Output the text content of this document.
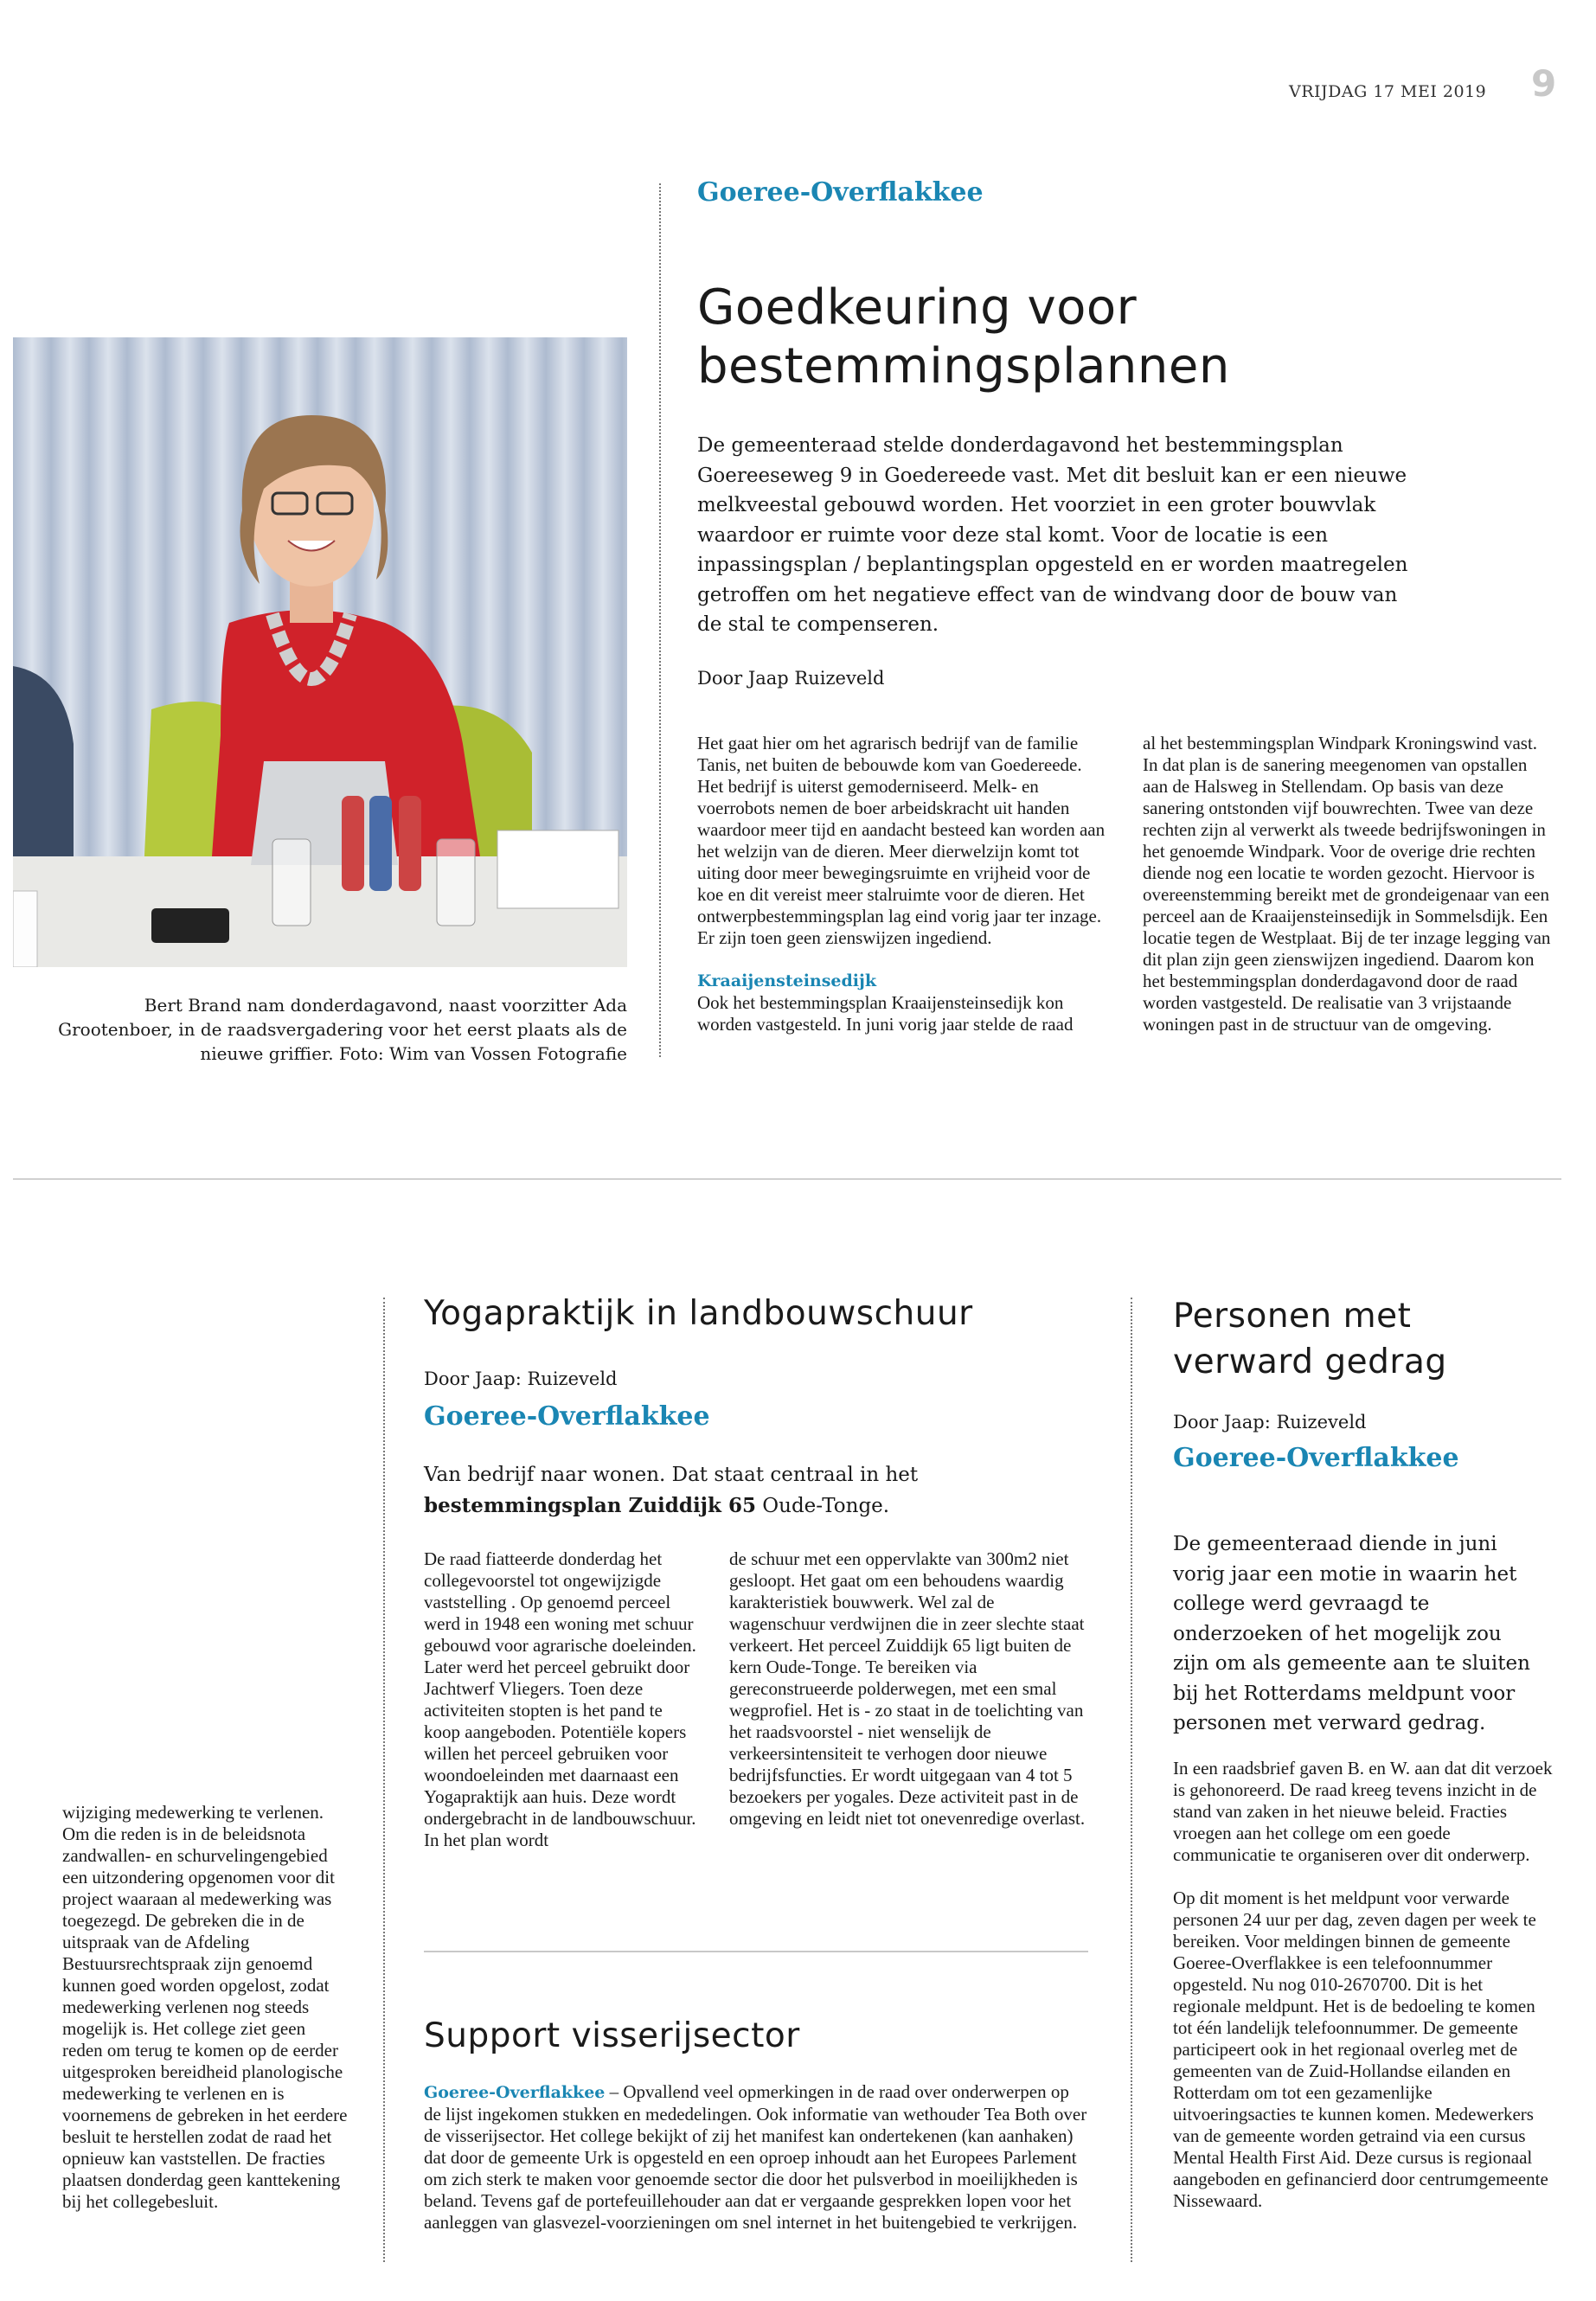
VRIJDAG 17 MEI 2019 9
Goeree-Overflakkee
Goedkeuring voor
bestemmingsplannen

De gemeenteraad stelde donderdagavond het bestemmingsplan Goereeseweg 9 in Goedereede vast. Met dit besluit kan er een nieuwe melkveestal gebouwd worden. Het voorziet in een groter bouwvlak waardoor er ruimte voor deze stal komt. Voor de locatie is een inpassingsplan / beplantingsplan opgesteld en er worden maatregelen getroffen om het negatieve effect van de windvang door de bouw van de stal te compenseren.

Door Jaap Ruizeveld

Bert Brand nam donderdagavond, naast voorzitter Ada Grootenboer, in de raadsvergadering voor het eerst plaats als de nieuwe griffier. Foto: Wim van Vossen Fotografie

Het gaat hier om het agrarisch bedrijf van de familie Tanis, net buiten de bebouwde kom van Goedereede. Het bedrijf is uiterst gemoderniseerd. Melk- en voerrobots nemen de boer arbeidskracht uit handen waardoor meer tijd en aandacht besteed kan worden aan het welzijn van de dieren. Meer dierwelzijn komt tot uiting door meer bewegingsruimte en vrijheid voor de koe en dit vereist meer stalruimte voor de dieren. Het ontwerpbestemmingsplan lag eind vorig jaar ter inzage. Er zijn toen geen zienswijzen ingediend.

Kraaijensteinsedijk

Ook het bestemmingsplan Kraaijensteinsedijk kon worden vastgesteld. In juni vorig jaar stelde de raad

al het bestemmingsplan Windpark Kroningswind vast. In dat plan is de sanering meegenomen van opstallen aan de Halsweg in Stellendam. Op basis van deze sanering ontstonden vijf bouwrechten. Twee van deze rechten zijn al verwerkt als tweede bedrijfswoningen in het genoemde Windpark. Voor de overige drie rechten diende nog een locatie te worden gezocht. Hiervoor is overeenstemming bereikt met de grondeigenaar van een perceel aan de Kraaijensteinsedijk in Sommelsdijk. Een locatie tegen de Westplaat. Bij de ter inzage legging van dit plan zijn geen zienswijzen ingediend. Daarom kon het bestemmingsplan donderdagavond door de raad worden vastgesteld. De realisatie van 3 vrijstaande woningen past in de structuur van de omgeving.

wijziging medewerking te verlenen. Om die reden is in de beleidsnota zandwallen- en schurvelingengebied een uitzondering opgenomen voor dit project waaraan al medewerking was toegezegd. De gebreken die in de uitspraak van de Afdeling Bestuursrechtspraak zijn genoemd kunnen goed worden opgelost, zodat medewerking verlenen nog steeds mogelijk is. Het college ziet geen reden om terug te komen op de eerder uitgesproken bereidheid planologische medewerking te verlenen en is voornemens de gebreken in het eerdere besluit te herstellen zodat de raad het opnieuw kan vaststellen. De fracties plaatsen donderdag geen kanttekening bij het collegebesluit.

Yogapraktijk in landbouwschuur
Door Jaap: Ruizeveld
Goeree-Overflakkee

Van bedrijf naar wonen. Dat staat centraal in het
bestemmingsplan Zuiddijk 65 Oude-Tonge.

De raad fiatteerde donderdag het collegevoorstel tot ongewijzigde vaststelling . Op genoemd perceel werd in 1948 een woning met schuur gebouwd voor agrarische doeleinden. Later werd het perceel gebruikt door Jachtwerf Vliegers. Toen deze activiteiten stopten is het pand te koop aangeboden. Potentiële kopers willen het perceel gebruiken voor woondoeleinden met daarnaast een Yogapraktijk aan huis. Deze wordt ondergebracht in de landbouwschuur. In het plan wordt

de schuur met een oppervlakte van 300m2 niet gesloopt. Het gaat om een behoudens waardig karakteristiek bouwwerk. Wel zal de wagenschuur verdwijnen die in zeer slechte staat verkeert. Het perceel Zuiddijk 65 ligt buiten de kern Oude-Tonge. Te bereiken via gereconstrueerde polderwegen, met een smal wegprofiel. Het is - zo staat in de toelichting van het raadsvoorstel - niet wenselijk de verkeersintensiteit te verhogen door nieuwe bedrijfsfuncties. Er wordt uitgegaan van 4 tot 5 bezoekers per yogales. Deze activiteit past in de omgeving en leidt niet tot onevenredige overlast.

Support visserijsector

Goeree-Overflakkee – Opvallend veel opmerkingen in de raad over onderwerpen op de lijst ingekomen stukken en mededelingen. Ook informatie van wethouder Tea Both over de visserijsector. Het college bekijkt of zij het manifest kan ondertekenen (kan aanhaken) dat door de gemeente Urk is opgesteld en een oproep inhoudt aan het Europees Parlement om zich sterk te maken voor genoemde sector die door het pulsverbod in moeilijkheden is beland. Tevens gaf de portefeuillehouder aan dat er vergaande gesprekken lopen voor het aanleggen van glasvezel-voorzieningen om snel internet in het buitengebied te verkrijgen.

Personen met
verward gedrag
Door Jaap: Ruizeveld
Goeree-Overflakkee

De gemeenteraad diende in juni vorig jaar een motie in waarin het college werd gevraagd te onderzoeken of het mogelijk zou zijn om als gemeente aan te sluiten bij het Rotterdams meldpunt voor personen met verward gedrag.

In een raadsbrief gaven B. en W. aan dat dit verzoek is gehonoreerd. De raad kreeg tevens inzicht in de stand van zaken in het nieuwe beleid. Fracties vroegen aan het college om een goede communicatie te organiseren over dit onderwerp.

Op dit moment is het meldpunt voor verwarde personen 24 uur per dag, zeven dagen per week te bereiken. Voor meldingen binnen de gemeente Goeree-Overflakkee is een telefoonnummer opgesteld. Nu nog 010-2670700. Dit is het regionale meldpunt. Het is de bedoeling te komen tot één landelijk telefoonnummer. De gemeente participeert ook in het regionaal overleg met de gemeenten van de Zuid-Hollandse eilanden en Rotterdam om tot een gezamenlijke uitvoeringsacties te kunnen komen. Medewerkers van de gemeente worden getraind via een cursus Mental Health First Aid. Deze cursus is regionaal aangeboden en gefinancierd door centrumgemeente Nissewaard.
